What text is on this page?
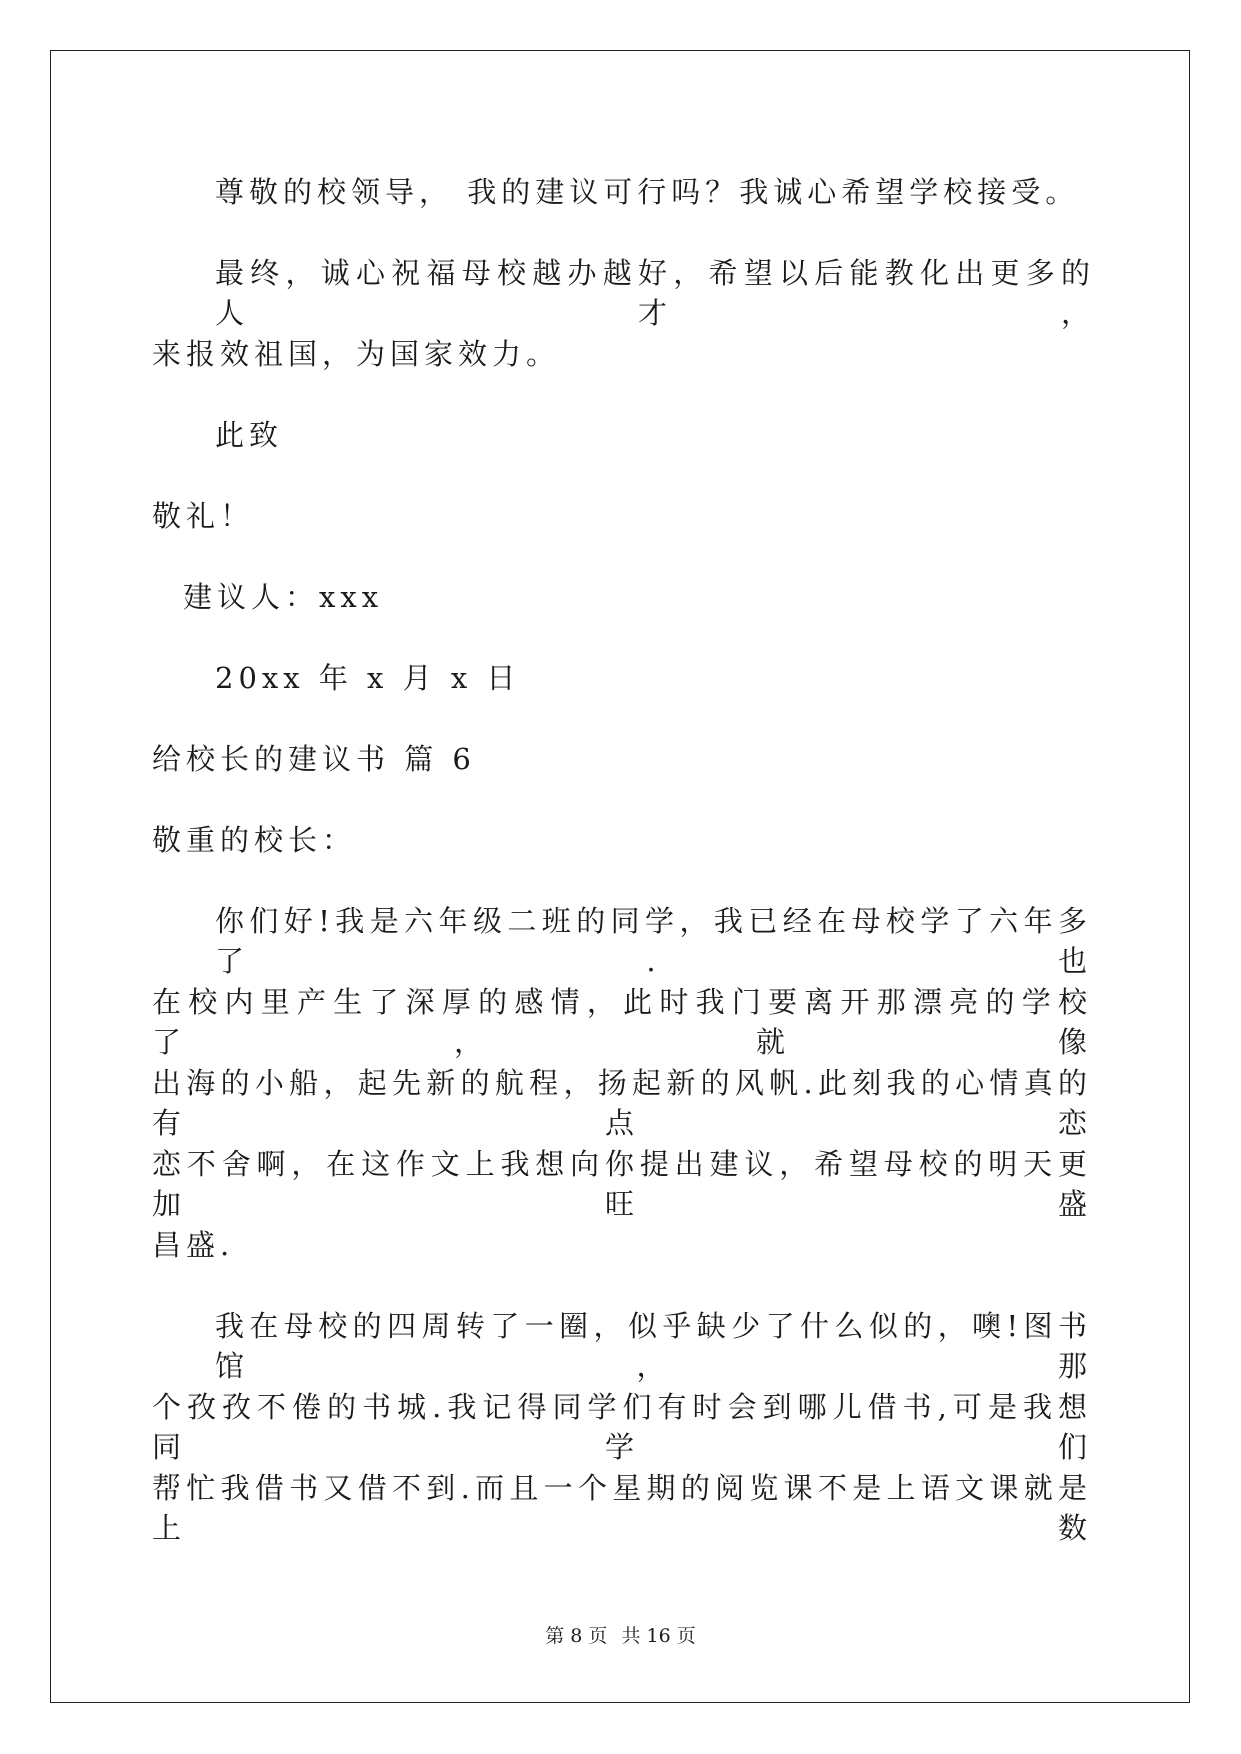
尊敬的校领导， 我的建议可行吗？我诚心希望学校接受。
最终，诚心祝福母校越办越好，希望以后能教化出更多的人才，
来报效祖国，为国家效力。
此致
敬礼！
建议人：xxx
20xx 年 x 月 x 日
给校长的建议书 篇 6
敬重的校长：
你们好!我是六年级二班的同学，我已经在母校学了六年多了.也
在校内里产生了深厚的感情，此时我门要离开那漂亮的学校了，就像
出海的小船，起先新的航程，扬起新的风帆.此刻我的心情真的有点恋
恋不舍啊，在这作文上我想向你提出建议，希望母校的明天更加旺盛
昌盛.
我在母校的四周转了一圈，似乎缺少了什么似的，噢!图书馆，那
个孜孜不倦的书城.我记得同学们有时会到哪儿借书,可是我想同学们
帮忙我借书又借不到.而且一个星期的阅览课不是上语文课就是上数
第 8 页 共 16 页
